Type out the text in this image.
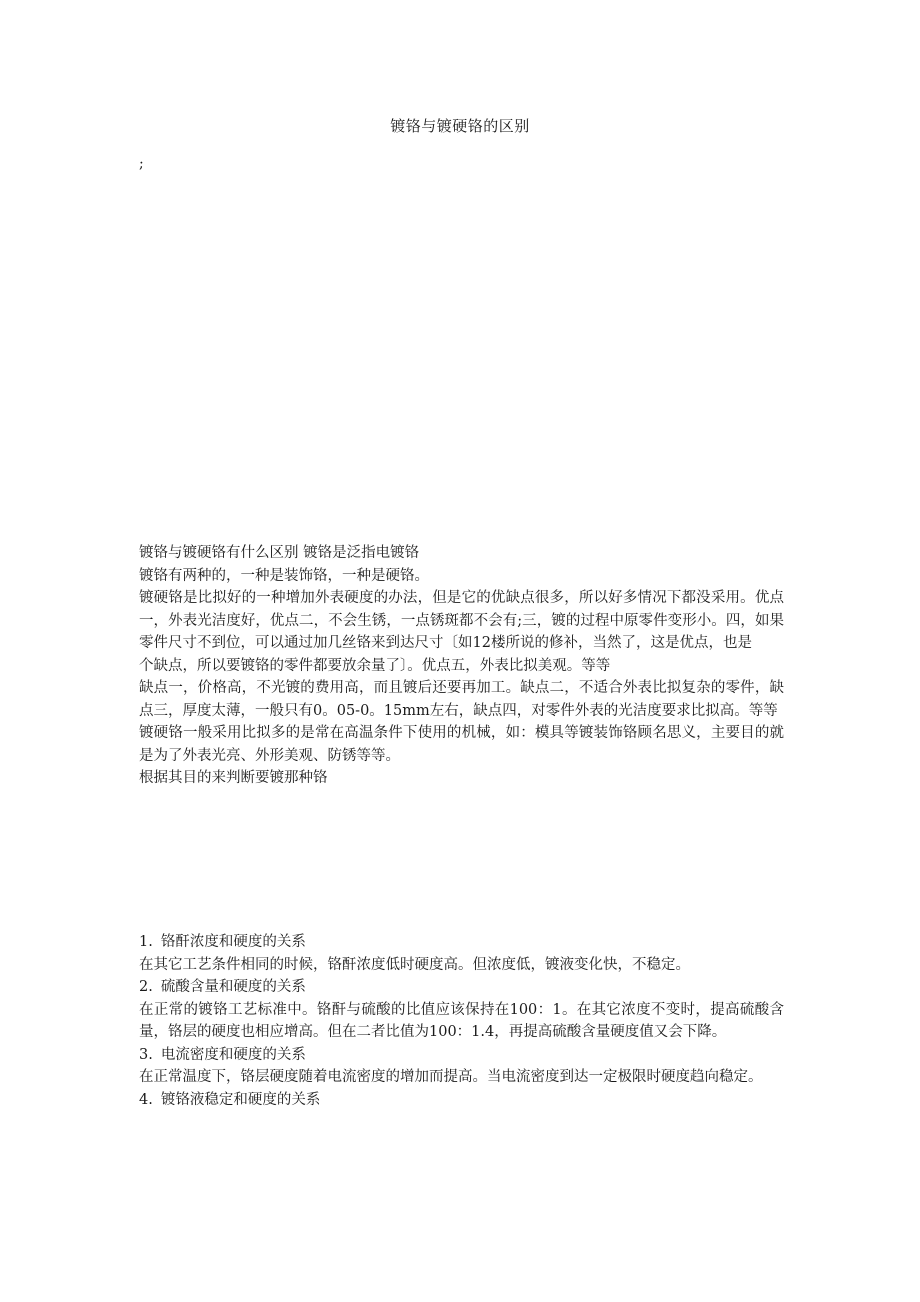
镀铬与镀硬铬的区别
;

镀铬与镀硬铬有什么区别 镀铬是泛指电镀铬

镀铬有两种的，一种是装饰铬，一种是硬铬。

镀硬铬是比拟好的一种增加外表硬度的办法，但是它的优缺点很多，所以好多情况下都没采用。优点一，外表光洁度好，优点二，不会生锈，一点锈斑都不会有;三，镀的过程中原零件变形小。四，如果零件尺寸不到位，可以通过加几丝铬来到达尺寸〔如12楼所说的修补，当然了，这是优点，也是

个缺点，所以要镀铬的零件都要放余量了〕。优点五，外表比拟美观。等等

缺点一，价格高，不光镀的费用高，而且镀后还要再加工。缺点二，不适合外表比拟复杂的零件，缺点三，厚度太薄，一般只有0。05-0。15mm左右，缺点四，对零件外表的光洁度要求比拟高。等等

镀硬铬一般采用比拟多的是常在高温条件下使用的机械，如：模具等镀装饰铬顾名思义，主要目的就是为了外表光亮、外形美观、防锈等等。

根据其目的来判断要镀那种铬

1. 铬酐浓度和硬度的关系

在其它工艺条件相同的时候，铬酐浓度低时硬度高。但浓度低，镀液变化快，不稳定。

2. 硫酸含量和硬度的关系

在正常的镀铬工艺标准中。铬酐与硫酸的比值应该保持在100：1。在其它浓度不变时，提高硫酸含量，铬层的硬度也相应增高。但在二者比值为100：1.4，再提高硫酸含量硬度值又会下降。

3. 电流密度和硬度的关系

在正常温度下，铬层硬度随着电流密度的增加而提高。当电流密度到达一定极限时硬度趋向稳定。

4. 镀铬液稳定和硬度的关系
